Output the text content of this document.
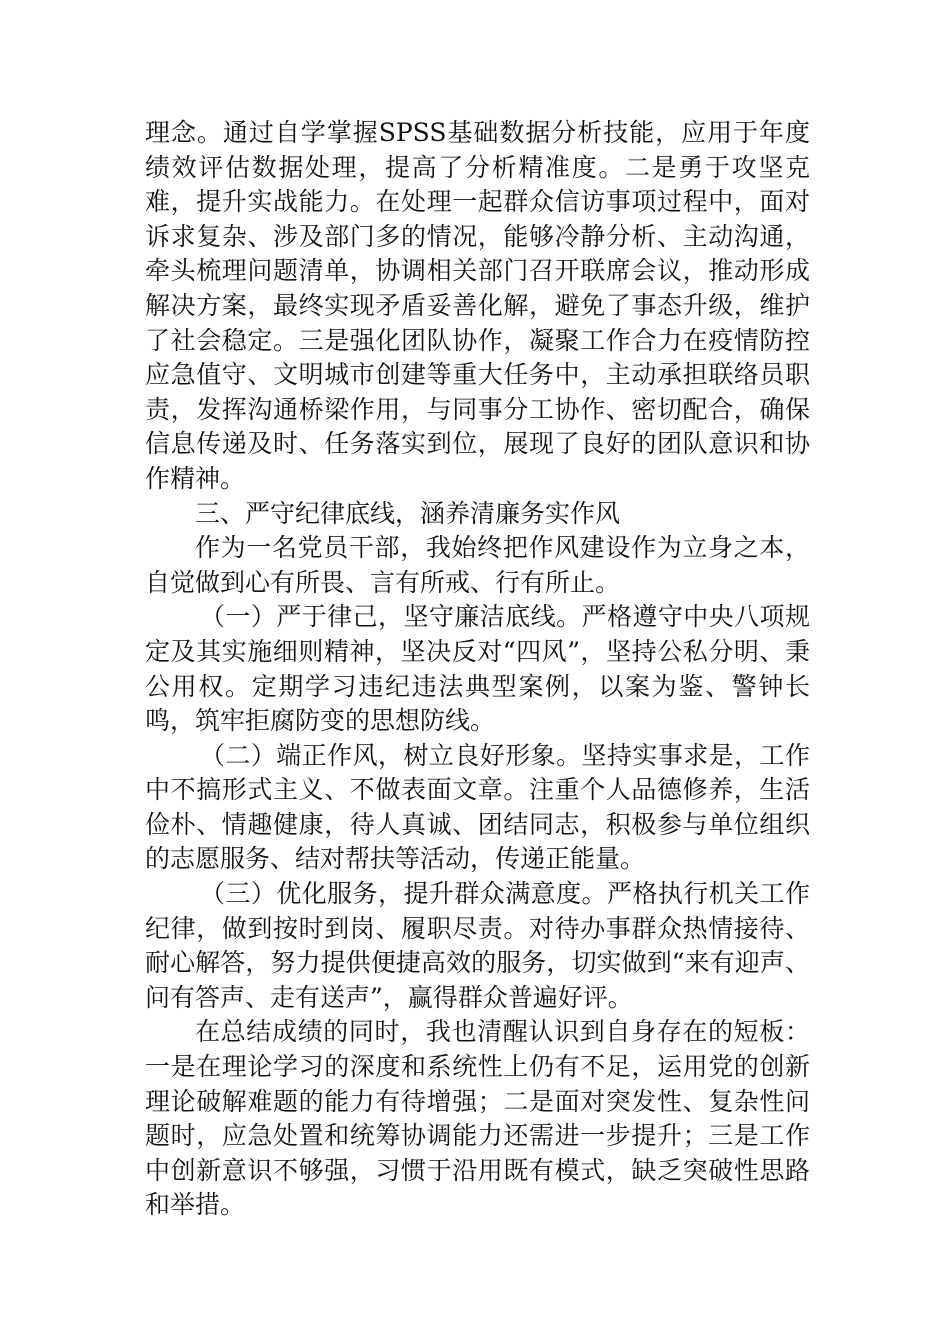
理念。通过自学掌握SPSS基础数据分析技能，应用于年度绩效评估数据处理，提高了分析精准度。二是勇于攻坚克难，提升实战能力。在处理一起群众信访事项过程中，面对诉求复杂、涉及部门多的情况，能够冷静分析、主动沟通，牵头梳理问题清单，协调相关部门召开联席会议，推动形成解决方案，最终实现矛盾妥善化解，避免了事态升级，维护了社会稳定。三是强化团队协作，凝聚工作合力在疫情防控应急值守、文明城市创建等重大任务中，主动承担联络员职责，发挥沟通桥梁作用，与同事分工协作、密切配合，确保信息传递及时、任务落实到位，展现了良好的团队意识和协作精神。

三、严守纪律底线，涵养清廉务实作风

作为一名党员干部，我始终把作风建设作为立身之本，自觉做到心有所畏、言有所戒、行有所止。

（一）严于律己，坚守廉洁底线。严格遵守中央八项规定及其实施细则精神，坚决反对“四风”，坚持公私分明、秉公用权。定期学习违纪违法典型案例，以案为鉴、警钟长鸣，筑牢拒腐防变的思想防线。

（二）端正作风，树立良好形象。坚持实事求是，工作中不搞形式主义、不做表面文章。注重个人品德修养，生活俭朴、情趣健康，待人真诚、团结同志，积极参与单位组织的志愿服务、结对帮扶等活动，传递正能量。

（三）优化服务，提升群众满意度。严格执行机关工作纪律，做到按时到岗、履职尽责。对待办事群众热情接待、耐心解答，努力提供便捷高效的服务，切实做到“来有迎声、问有答声、走有送声”，赢得群众普遍好评。

在总结成绩的同时，我也清醒认识到自身存在的短板：一是在理论学习的深度和系统性上仍有不足，运用党的创新理论破解难题的能力有待增强；二是面对突发性、复杂性问题时，应急处置和统筹协调能力还需进一步提升；三是工作中创新意识不够强，习惯于沿用既有模式，缺乏突破性思路和举措。
